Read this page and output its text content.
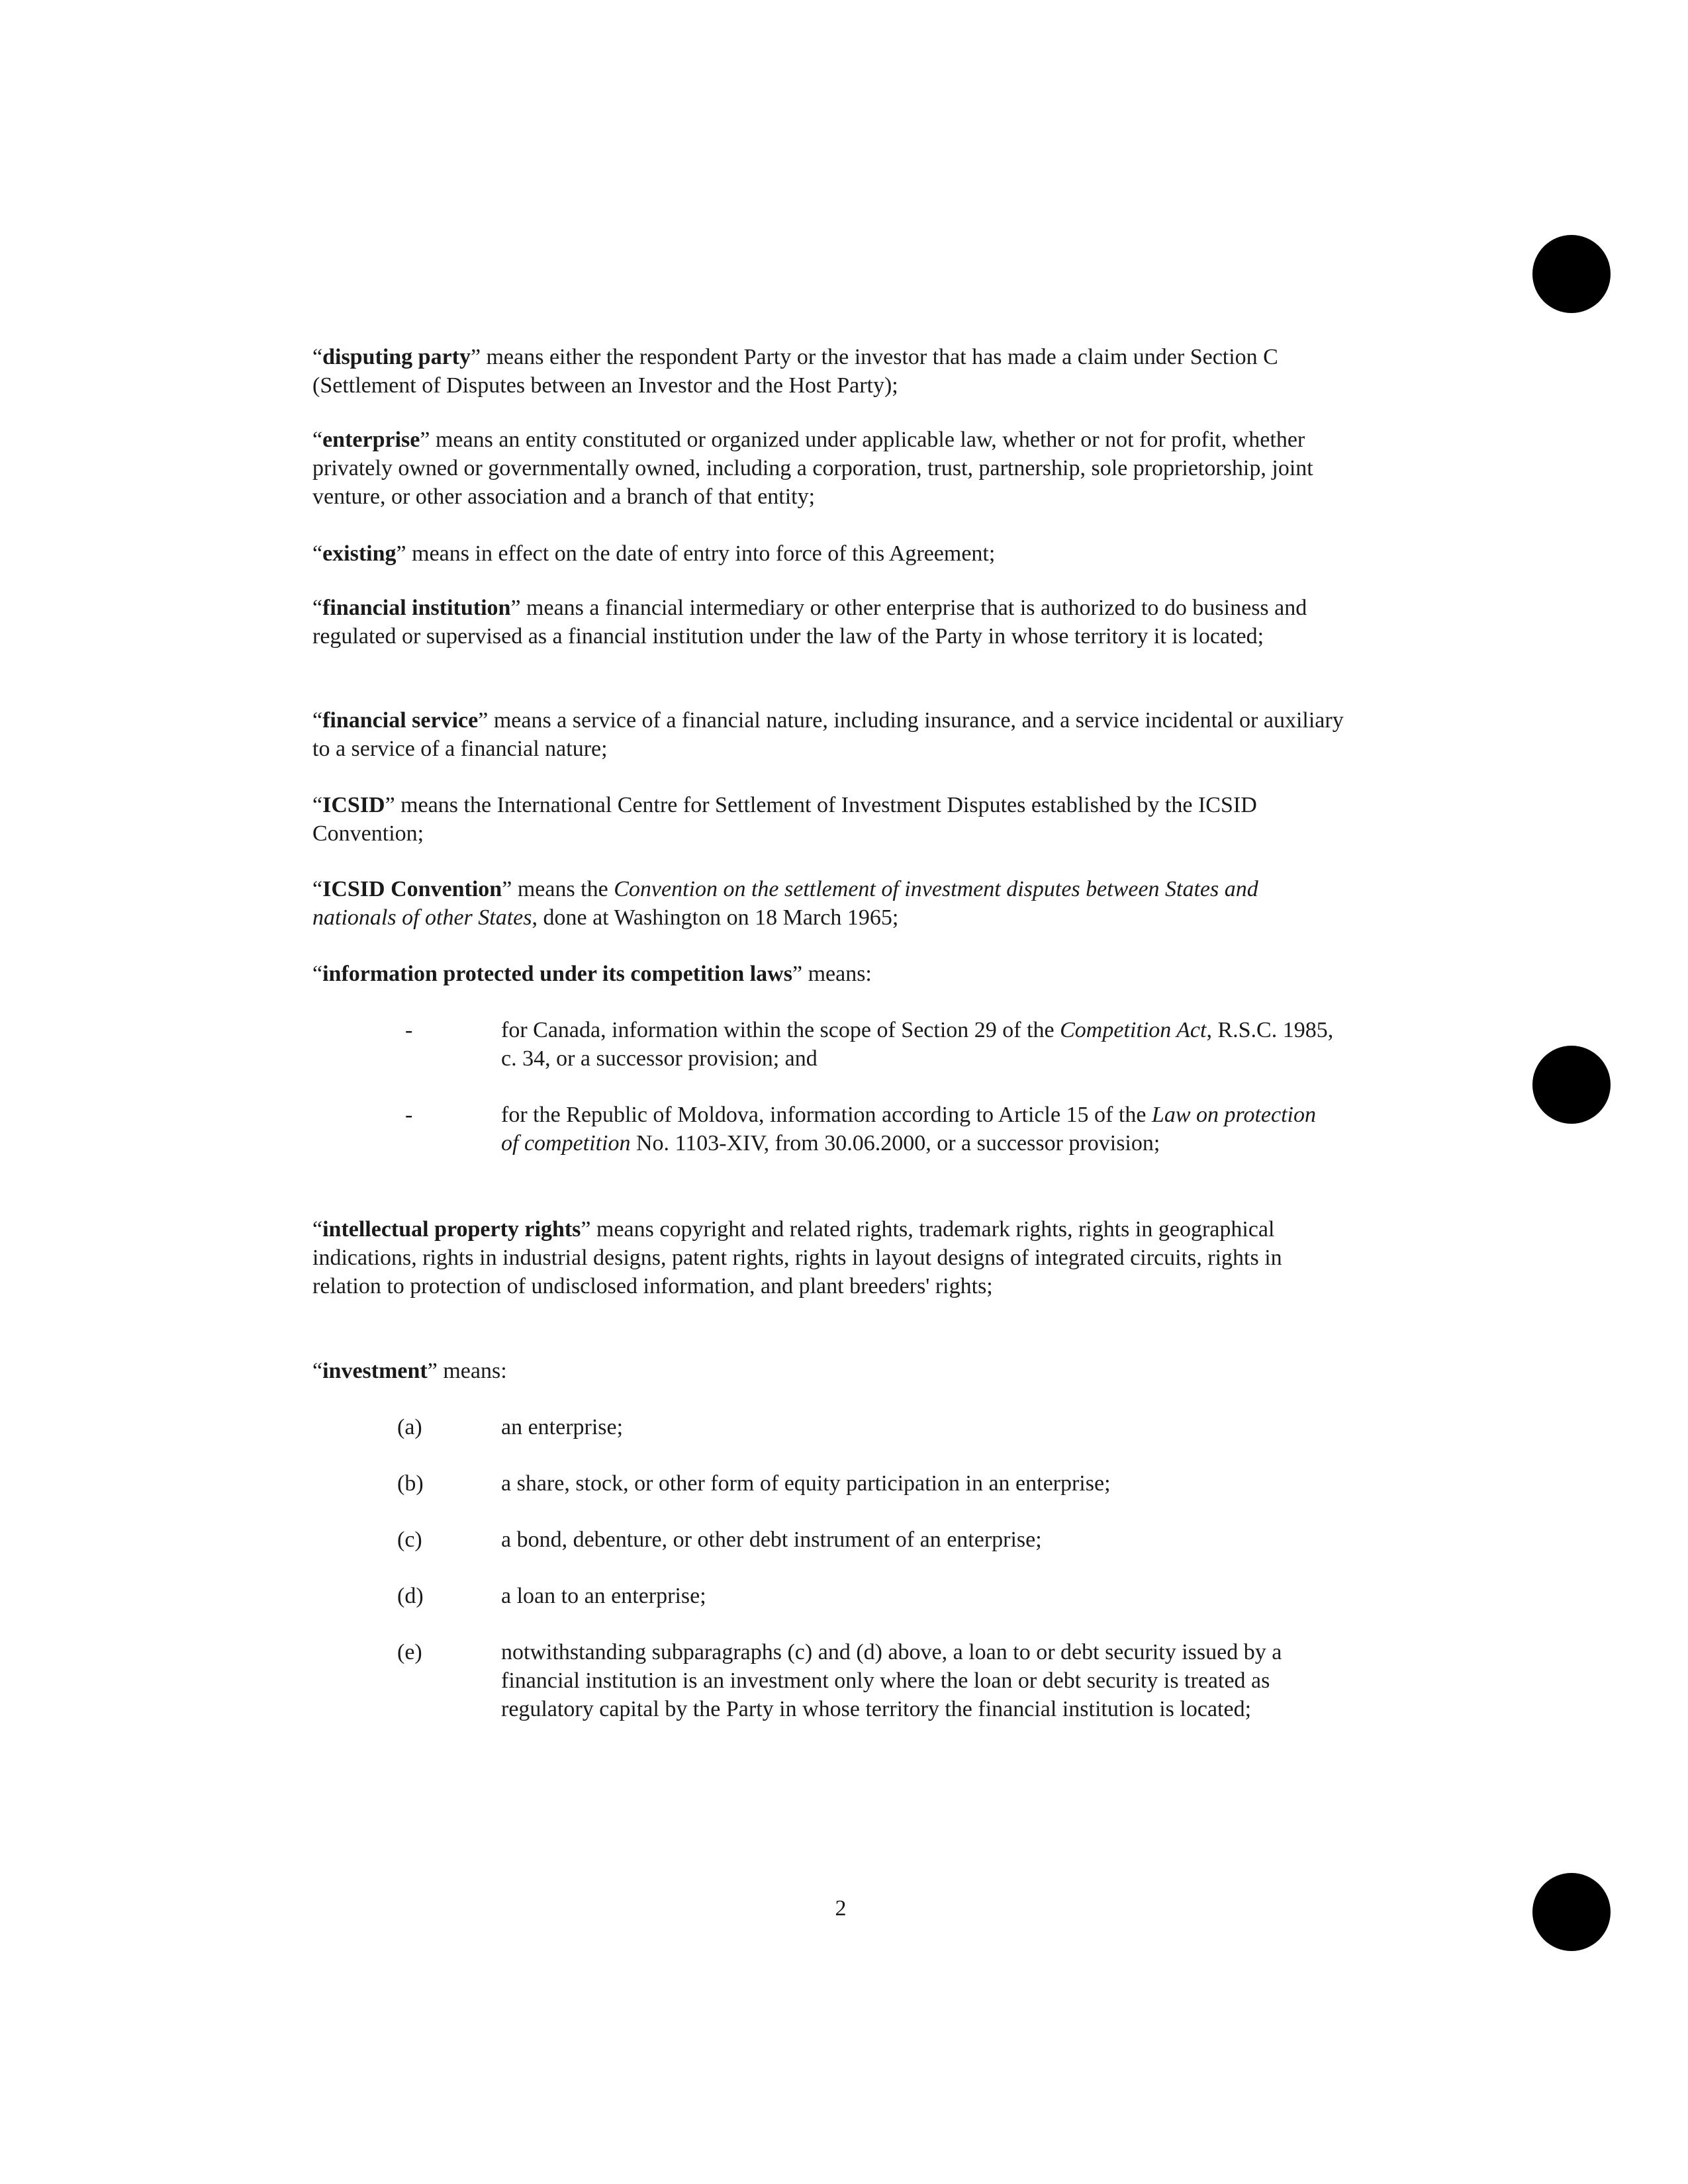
“disputing party” means either the respondent Party or the investor that has made a claim under Section C (Settlement of Disputes between an Investor and the Host Party);

“enterprise” means an entity constituted or organized under applicable law, whether or not for profit, whether privately owned or governmentally owned, including a corporation, trust, partnership, sole proprietorship, joint venture, or other association and a branch of that entity;

“existing” means in effect on the date of entry into force of this Agreement;

“financial institution” means a financial intermediary or other enterprise that is authorized to do business and regulated or supervised as a financial institution under the law of the Party in whose territory it is located;

“financial service” means a service of a financial nature, including insurance, and a service incidental or auxiliary to a service of a financial nature;

“ICSID” means the International Centre for Settlement of Investment Disputes established by the ICSID Convention;

“ICSID Convention” means the Convention on the settlement of investment disputes between States and nationals of other States, done at Washington on 18 March 1965;

“information protected under its competition laws” means:

-	for Canada, information within the scope of Section 29 of the Competition Act, R.S.C. 1985, c. 34, or a successor provision; and
-	for the Republic of Moldova, information according to Article 15 of the Law on protection of competition No. 1103-XIV, from 30.06.2000, or a successor provision;

“intellectual property rights” means copyright and related rights, trademark rights, rights in geographical indications, rights in industrial designs, patent rights, rights in layout designs of integrated circuits, rights in relation to protection of undisclosed information, and plant breeders' rights;

“investment” means:

(a)	an enterprise;
(b)	a share, stock, or other form of equity participation in an enterprise;
(c)	a bond, debenture, or other debt instrument of an enterprise;
(d)	a loan to an enterprise;
(e)	notwithstanding subparagraphs (c) and (d) above, a loan to or debt security issued by a financial institution is an investment only where the loan or debt security is treated as regulatory capital by the Party in whose territory the financial institution is located;
2
